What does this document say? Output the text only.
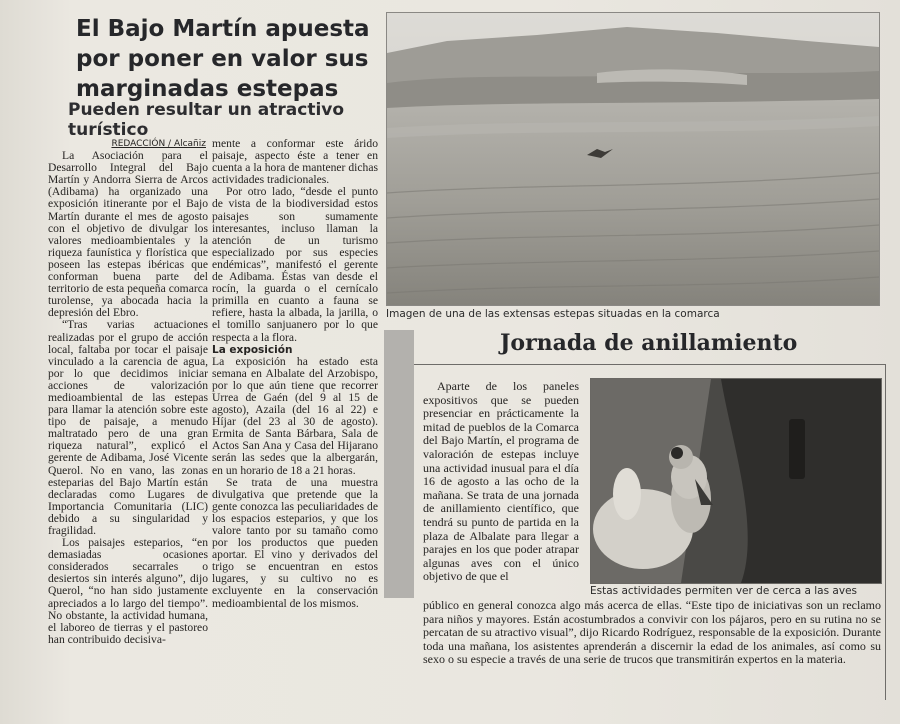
El Bajo Martín apuesta por poner en valor sus marginadas estepas
Pueden resultar un atractivo turístico
REDACCIÓN / Alcañiz

La Asociación para el Desarrollo Integral del Bajo Martín y Andorra Sierra de Arcos (Adibama) ha organizado una exposición itinerante por el Bajo Martín durante el mes de agosto con el objetivo de divulgar los valores medioambientales y la riqueza faunística y florística que poseen las estepas ibéricas que conforman buena parte del territorio de esta pequeña comarca turolense, ya abocada hacia la depresión del Ebro.

“Tras varias actuaciones realizadas por el grupo de acción local, faltaba por tocar el paisaje vinculado a la carencia de agua, por lo que decidimos iniciar acciones de valorización medioambiental de las estepas para llamar la atención sobre este tipo de paisaje, a menudo maltratado pero de una gran riqueza natural”, explicó el gerente de Adibama, José Vicente Querol. No en vano, las zonas esteparias del Bajo Martín están declaradas como Lugares de Importancia Comunitaria (LIC) debido a su singularidad y fragilidad.

Los paisajes esteparios, “en demasiadas ocasiones considerados secarrales o desiertos sin interés alguno”, dijo Querol, “no han sido justamente apreciados a lo largo del tiempo”. No obstante, la actividad humana, el laboreo de tierras y el pastoreo han contribuido decisiva-

mente a conformar este árido paisaje, aspecto éste a tener en cuenta a la hora de mantener dichas actividades tradicionales.

Por otro lado, “desde el punto de vista de la biodiversidad estos paisajes son sumamente interesantes, incluso llaman la atención de un turismo especializado por sus especies endémicas”, manifestó el gerente de Adibama. Éstas van desde el rocín, la guarda o el cernícalo primilla en cuanto a fauna se refiere, hasta la albada, la jarilla, o el tomillo sanjuanero por lo que respecta a la flora.

La exposición

La exposición ha estado esta semana en Albalate del Arzobispo, por lo que aún tiene que recorrer Urrea de Gaén (del 9 al 15 de agosto), Azaila (del 16 al 22) e Híjar (del 23 al 30 de agosto). Ermita de Santa Bárbara, Sala de Actos San Ana y Casa del Hijarano serán las sedes que la albergarán, en un horario de 18 a 21 horas.

Se trata de una muestra divulgativa que pretende que la gente conozca las peculiaridades de los espacios esteparios, y que los valore tanto por su tamaño como por los productos que pueden aportar. El vino y derivados del trigo se encuentran en estos lugares, y su cultivo no es excluyente en la conservación medioambiental de los mismos.

Imagen de una de las extensas estepas situadas en la comarca
Jornada de anillamiento

Aparte de los paneles expositivos que se pueden presenciar en prácticamente la mitad de pueblos de la Comarca del Bajo Martín, el programa de valoración de estepas incluye una actividad inusual para el día 16 de agosto a las ocho de la mañana. Se trata de una jornada de anillamiento científico, que tendrá su punto de partida en la plaza de Albalate para llegar a parajes en los que poder atrapar algunas aves con el único objetivo de que el

Estas actividades permiten ver de cerca a las aves

público en general conozca algo más acerca de ellas. “Este tipo de iniciativas son un reclamo para niños y mayores. Están acostumbrados a convivir con los pájaros, pero en su rutina no se percatan de su atractivo visual”, dijo Ricardo Rodríguez, responsable de la exposición. Durante toda una mañana, los asistentes aprenderán a discernir la edad de los animales, así como su sexo o su especie a través de una serie de trucos que transmitirán expertos en la materia.
